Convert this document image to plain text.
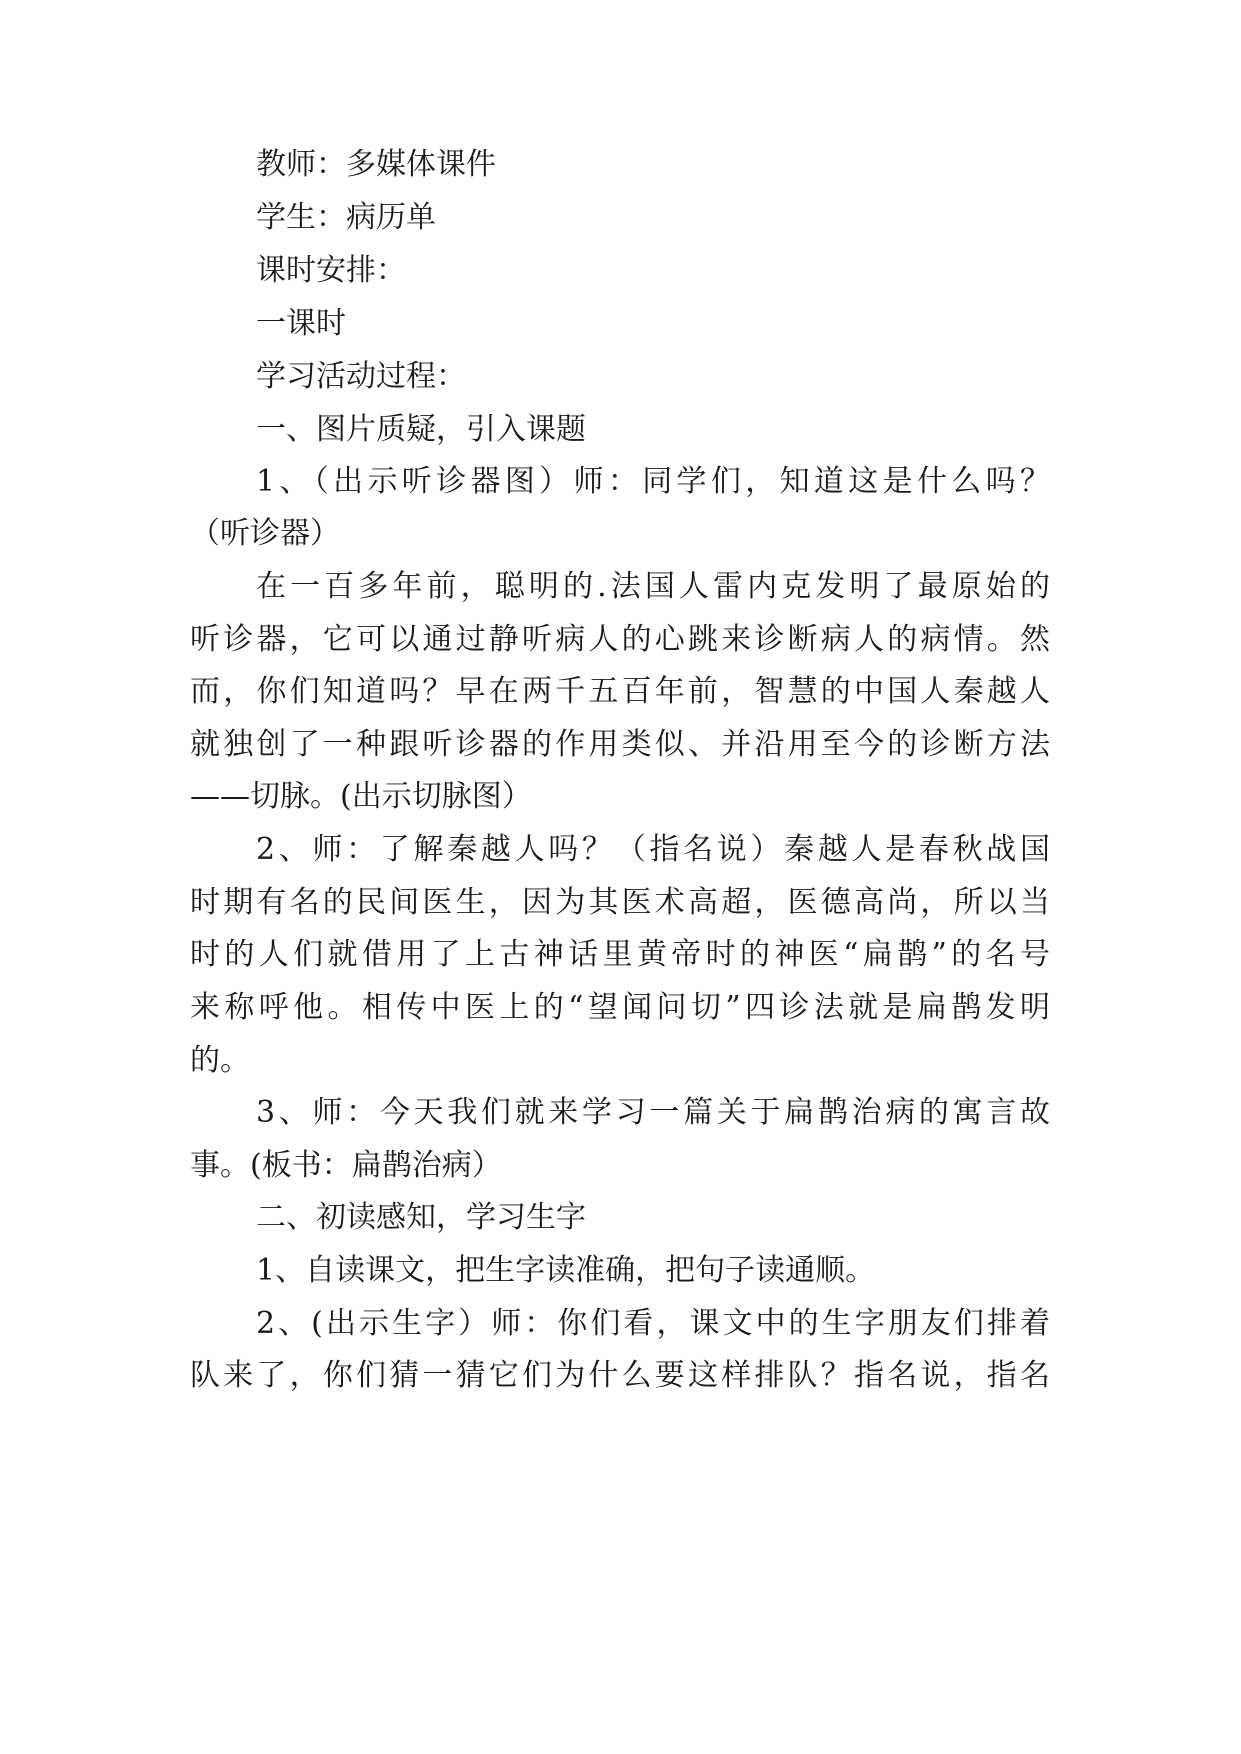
教师：多媒体课件
学生：病历单
课时安排：
一课时
学习活动过程：
一、图片质疑，引入课题
1、（出示听诊器图）师：同学们，知道这是什么吗？
（听诊器）
在一百多年前，聪明的.法国人雷内克发明了最原始的
听诊器，它可以通过静听病人的心跳来诊断病人的病情。然
而，你们知道吗？早在两千五百年前，智慧的中国人秦越人
就独创了一种跟听诊器的作用类似、并沿用至今的诊断方法
——切脉。(出示切脉图）
2、师：了解秦越人吗？（指名说）秦越人是春秋战国
时期有名的民间医生，因为其医术高超，医德高尚，所以当
时的人们就借用了上古神话里黄帝时的神医“扁鹊”的名号
来称呼他。相传中医上的“望闻问切”四诊法就是扁鹊发明
的。
3、师：今天我们就来学习一篇关于扁鹊治病的寓言故
事。(板书：扁鹊治病）
二、初读感知，学习生字
1、自读课文，把生字读准确，把句子读通顺。
2、(出示生字）师：你们看，课文中的生字朋友们排着
队来了，你们猜一猜它们为什么要这样排队？指名说，指名
